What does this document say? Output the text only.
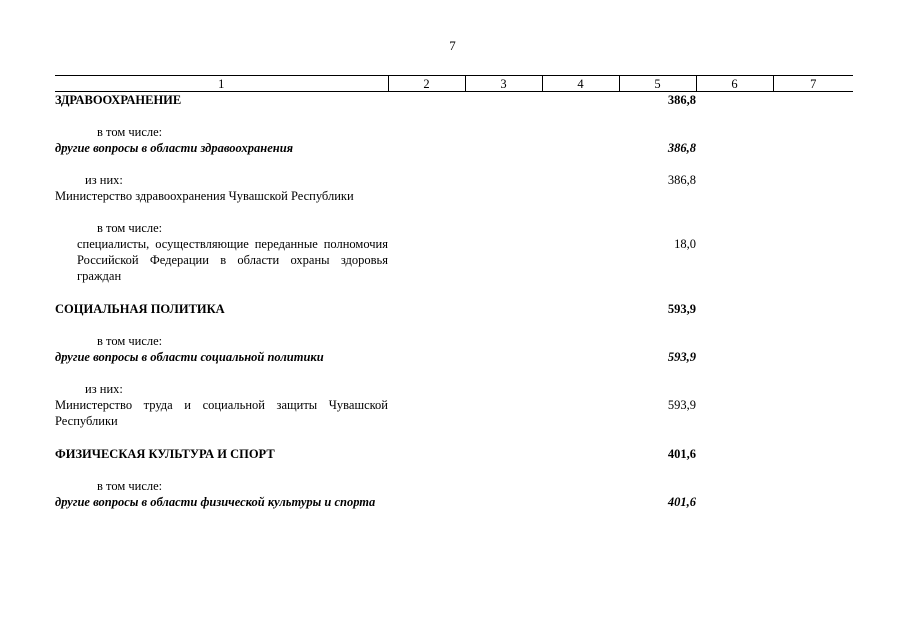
7
1	2	3	4	5	6	7
ЗДРАВООХРАНЕНИЕ				386,8		

в том числе:						
другие вопросы в области здравоохранения				386,8		

из них:				386,8		
Министерство здравоохранения Чувашской Республики						

в том числе:						
специалисты, осуществляющие переданные полномочия Российской Федерации в области охраны здоровья граждан				18,0		

СОЦИАЛЬНАЯ ПОЛИТИКА				593,9		

в том числе:						
другие вопросы в области социальной политики				593,9		

из них:						
Министерство труда и социальной защиты Чувашской Республики				593,9		

ФИЗИЧЕСКАЯ КУЛЬТУРА И СПОРТ				401,6		

в том числе:						
другие вопросы в области физической культуры и спорта				401,6		
